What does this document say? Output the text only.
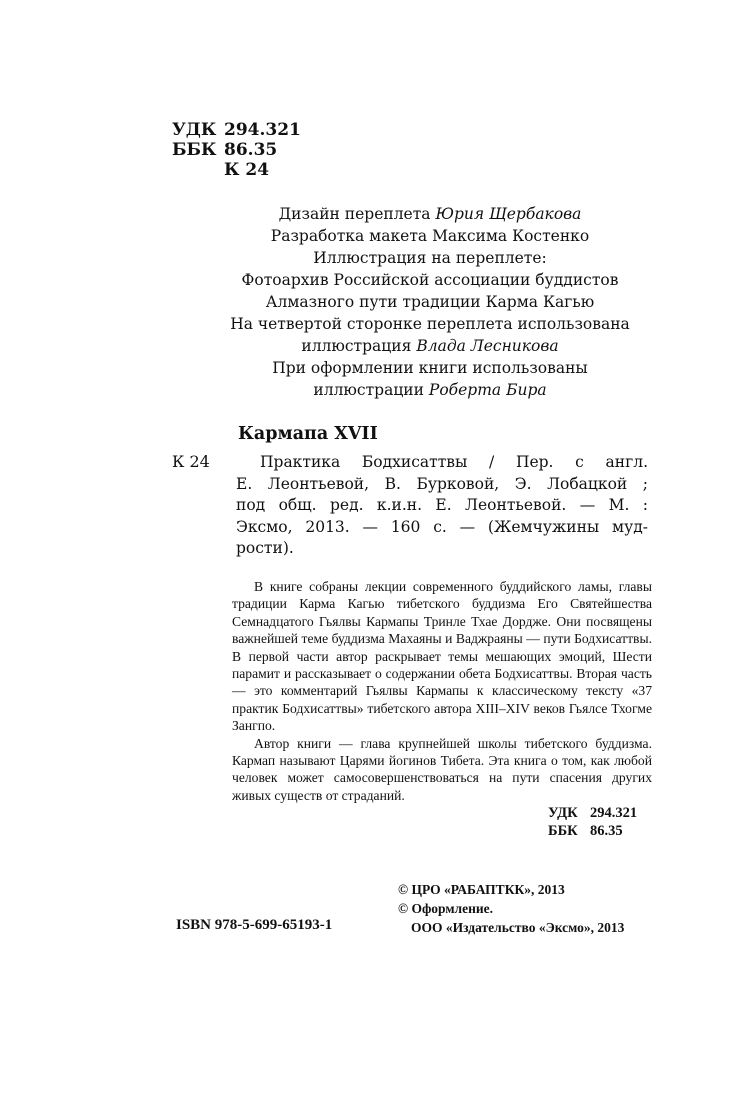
УДК 294.321
ББК 86.35
К 24
Дизайн переплета Юрия Щербакова
Разработка макета Максима Костенко
Иллюстрация на переплете:
Фотоархив Российской ассоциации буддистов
Алмазного пути традиции Карма Кагью
На четвертой сторонке переплета использована
иллюстрация Влада Лесникова
При оформлении книги использованы
иллюстрации Роберта Бира
Кармапа XVII
К 24	Практика Бодхисаттвы / Пер. с англ.
Е. Леонтьевой, В. Бурковой, Э. Лобацкой ;
под общ. ред. к.и.н. Е. Леонтьевой. — М. :
Эксмо, 2013. — 160 с. — (Жемчужины муд-
рости).

В книге собраны лекции современного буддийского ламы, главы традиции Карма Кагью тибетского буддизма Его Святейшества Семнадцатого Гьялвы Кармапы Тринле Тхае Дордже. Они посвящены важнейшей теме буддизма Махаяны и Ваджраяны — пути Бодхисаттвы. В первой части автор раскрывает темы мешающих эмоций, Шести парамит и рассказывает о содержании обета Бодхисаттвы. Вторая часть — это комментарий Гьялвы Кармапы к классическому тексту «37 практик Бодхисаттвы» тибетского автора XIII–XIV веков Гьялсе Тхогме Зангпо.

Автор книги — глава крупнейшей школы тибетского буддизма. Кармап называют Царями йогинов Тибета. Эта книга о том, как любой человек может самосовершенствоваться на пути спасения других живых существ от страданий.

УДК 294.321
ББК 86.35
© ЦРО «РАБАПТКК», 2013
© Оформление.
ООО «Издательство «Эксмо», 2013
ISBN 978-5-699-65193-1
